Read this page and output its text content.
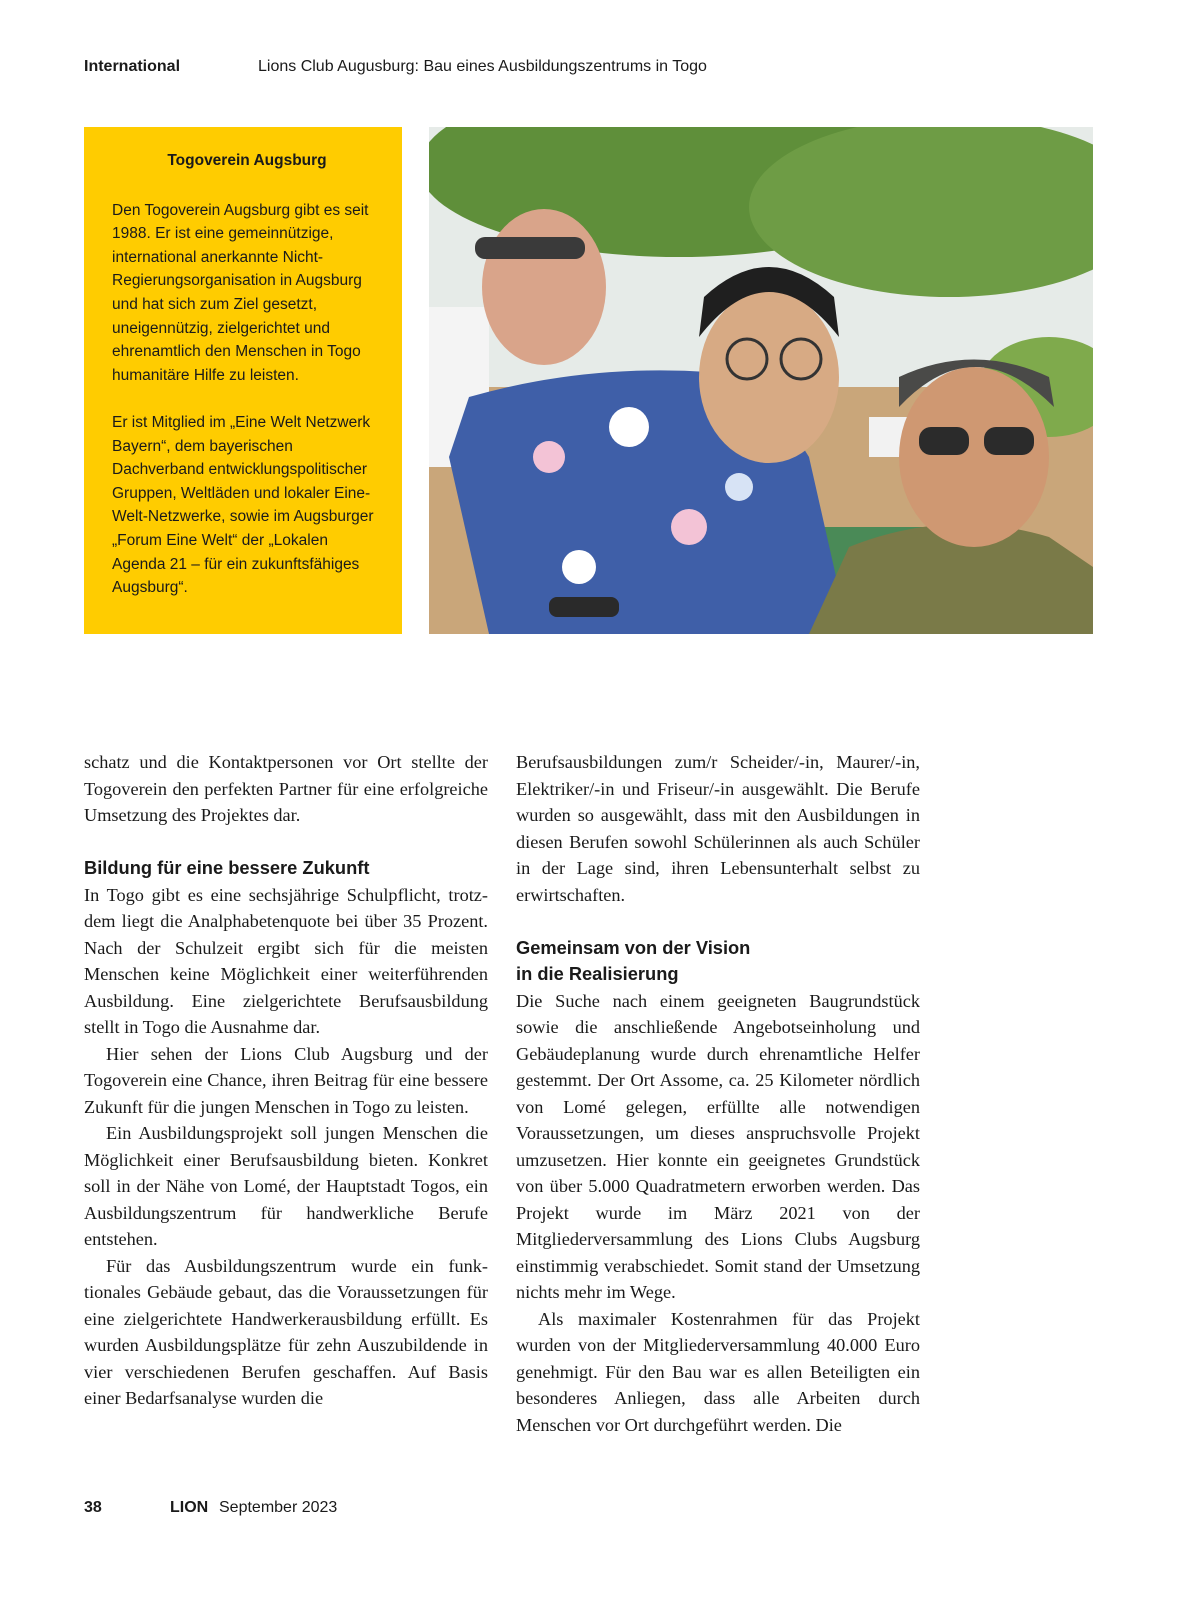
International	Lions Club Augusburg: Bau eines Ausbildungszentrums in Togo
Togoverein Augsburg

Den Togoverein Augsburg gibt es seit 1988. Er ist eine gemeinnützige, international anerkannte Nicht-Regierungsorganisation in Augsburg und hat sich zum Ziel gesetzt, uneigennützig, zielgerichtet und ehrenamtlich den Menschen in Togo humanitäre Hilfe zu leisten.

Er ist Mitglied im „Eine Welt Netzwerk Bayern“, dem bayerischen Dachverband entwicklungspolitischer Gruppen, Weltläden und lokaler Eine-Welt-Netzwerke, sowie im Augsburger „Forum Eine Welt“ der „Lokalen Agenda 21 – für ein zukunftsfähiges Augsburg“.

schatz und die Kontaktpersonen vor Ort stellte der Togoverein den perfekten Partner für eine erfolgreiche Umsetzung des Projektes dar.

Bildung für eine bessere Zukunft

In Togo gibt es eine sechsjährige Schulpflicht, trotzdem liegt die Analphabetenquote bei über 35 Prozent. Nach der Schulzeit ergibt sich für die meisten Menschen keine Möglichkeit einer weiterführenden Ausbildung. Eine zielgerichtete Berufsausbildung stellt in Togo die Ausnahme dar.

Hier sehen der Lions Club Augsburg und der Togoverein eine Chance, ihren Beitrag für eine bessere Zukunft für die jungen Menschen in Togo zu leisten.

Ein Ausbildungsprojekt soll jungen Menschen die Möglichkeit einer Berufsausbildung bieten. Konkret soll in der Nähe von Lomé, der Hauptstadt Togos, ein Ausbildungszentrum für handwerkliche Berufe entstehen.

Für das Ausbildungszentrum wurde ein funktionales Gebäude gebaut, das die Voraussetzungen für eine zielgerichtete Handwerkerausbildung erfüllt. Es wurden Ausbildungsplätze für zehn Auszubildende in vier verschiedenen Berufen geschaffen. Auf Basis einer Bedarfsanalyse wurden die

Berufsausbildungen zum/r Scheider/-in, Maurer/-in, Elektriker/-in und Friseur/-in ausgewählt. Die Berufe wurden so ausgewählt, dass mit den Ausbildungen in diesen Berufen sowohl Schülerinnen als auch Schüler in der Lage sind, ihren Lebensunterhalt selbst zu erwirtschaften.

Gemeinsam von der Vision
in die Realisierung

Die Suche nach einem geeigneten Baugrundstück sowie die anschließende Angebotseinholung und Gebäudeplanung wurde durch ehrenamtliche Helfer gestemmt. Der Ort Assome, ca. 25 Kilometer nördlich von Lomé gelegen, erfüllte alle notwendigen Voraussetzungen, um dieses anspruchsvolle Projekt umzusetzen. Hier konnte ein geeignetes Grundstück von über 5.000 Quadratmetern erworben werden. Das Projekt wurde im März 2021 von der Mitgliederversammlung des Lions Clubs Augsburg einstimmig verabschiedet. Somit stand der Umsetzung nichts mehr im Wege.

Als maximaler Kostenrahmen für das Projekt wurden von der Mitgliederversammlung 40.000 Euro genehmigt. Für den Bau war es allen Beteiligten ein besonderes Anliegen, dass alle Arbeiten durch Menschen vor Ort durchgeführt werden. Die

38	LION September 2023
